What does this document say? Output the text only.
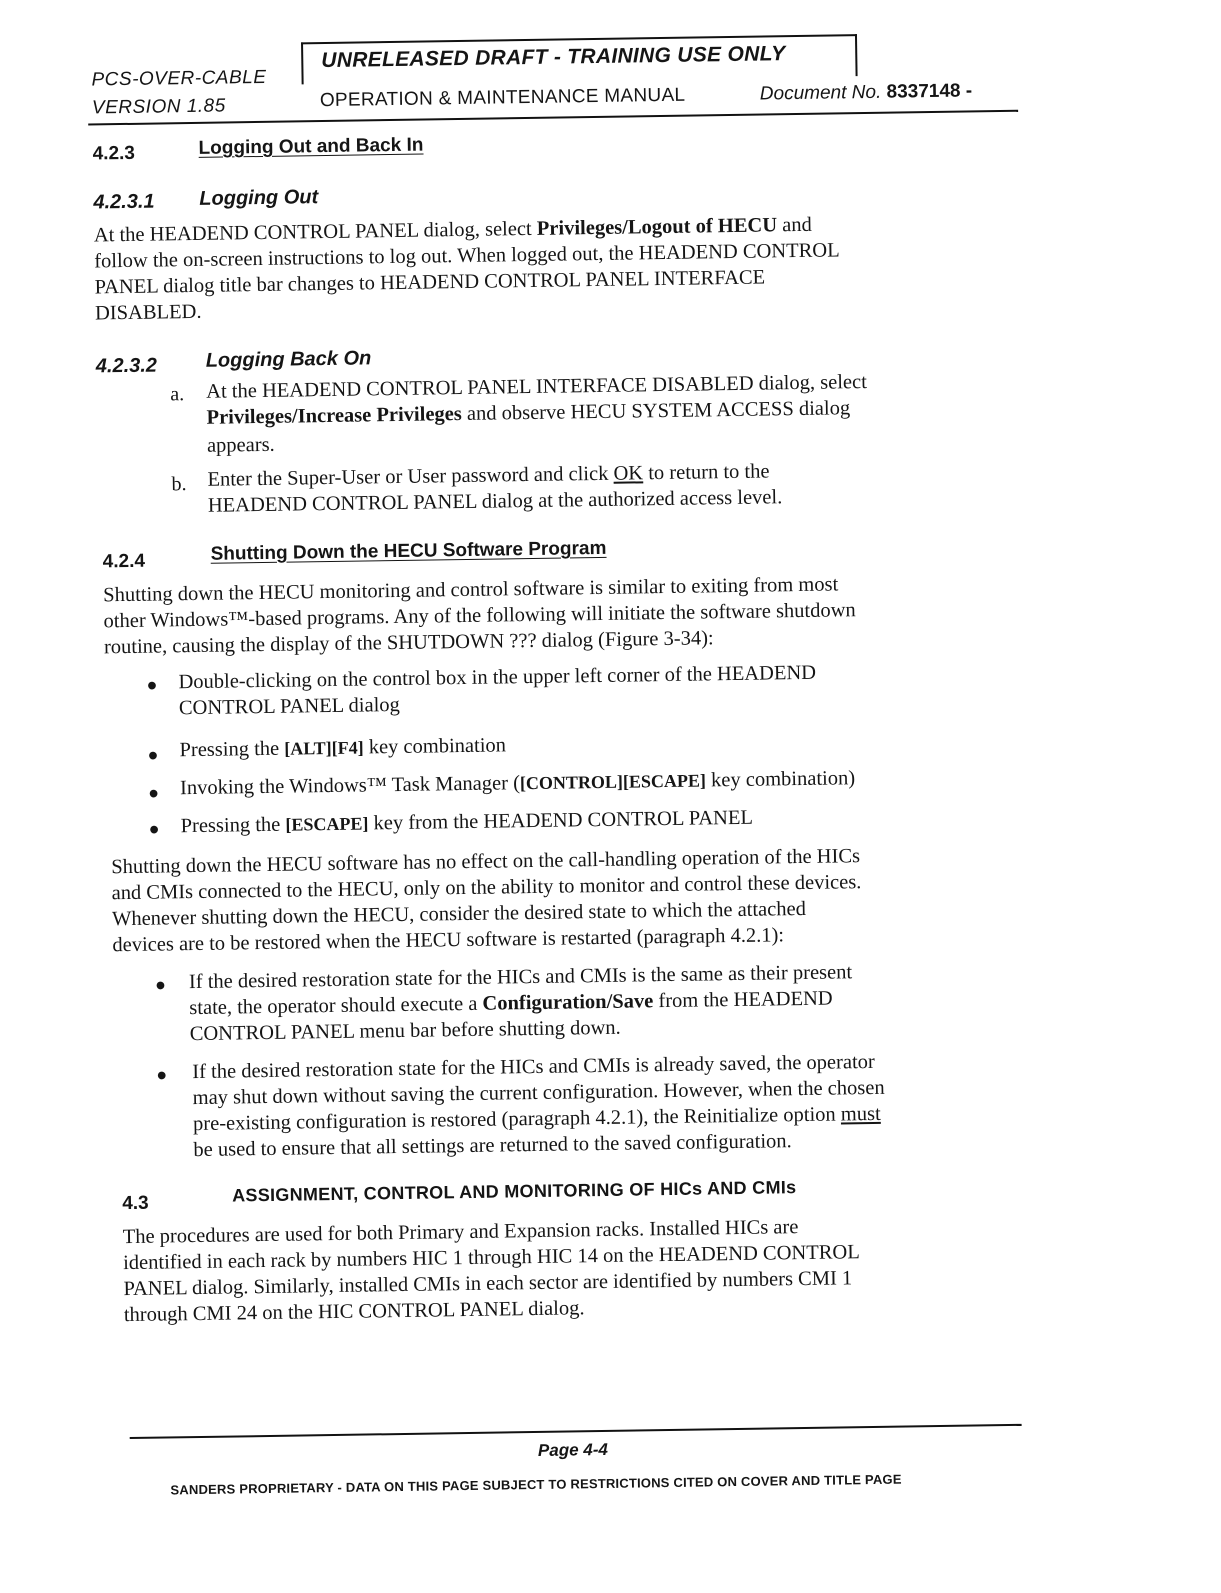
PCS-OVER-CABLE
VERSION 1.85
UNRELEASED DRAFT - TRAINING USE ONLY
OPERATION & MAINTENANCE MANUAL	Document No. 8337148 -
4.2.3	Logging Out and Back In
4.2.3.1 Logging Out
At the HEADEND CONTROL PANEL dialog, select Privileges/Logout of HECU and
follow the on-screen instructions to log out. When logged out, the HEADEND CONTROL
PANEL dialog title bar changes to HEADEND CONTROL PANEL INTERFACE
DISABLED.
4.2.3.2 Logging Back On
a. At the HEADEND CONTROL PANEL INTERFACE DISABLED dialog, select
Privileges/Increase Privileges and observe HECU SYSTEM ACCESS dialog
appears.
b. Enter the Super-User or User password and click OK to return to the
HEADEND CONTROL PANEL dialog at the authorized access level.
4.2.4	Shutting Down the HECU Software Program
Shutting down the HECU monitoring and control software is similar to exiting from most
other Windows™-based programs. Any of the following will initiate the software shutdown
routine, causing the display of the SHUTDOWN ??? dialog (Figure 3-34):
● Double-clicking on the control box in the upper left corner of the HEADEND
CONTROL PANEL dialog
● Pressing the [ALT][F4] key combination
● Invoking the Windows™ Task Manager ([CONTROL][ESCAPE] key combination)
● Pressing the [ESCAPE] key from the HEADEND CONTROL PANEL
Shutting down the HECU software has no effect on the call-handling operation of the HICs
and CMIs connected to the HECU, only on the ability to monitor and control these devices.
Whenever shutting down the HECU, consider the desired state to which the attached
devices are to be restored when the HECU software is restarted (paragraph 4.2.1):
● If the desired restoration state for the HICs and CMIs is the same as their present
state, the operator should execute a Configuration/Save from the HEADEND
CONTROL PANEL menu bar before shutting down.
● If the desired restoration state for the HICs and CMIs is already saved, the operator
may shut down without saving the current configuration. However, when the chosen
pre-existing configuration is restored (paragraph 4.2.1), the Reinitialize option must
be used to ensure that all settings are returned to the saved configuration.
4.3	ASSIGNMENT, CONTROL AND MONITORING OF HICs AND CMIs
The procedures are used for both Primary and Expansion racks. Installed HICs are
identified in each rack by numbers HIC 1 through HIC 14 on the HEADEND CONTROL
PANEL dialog. Similarly, installed CMIs in each sector are identified by numbers CMI 1
through CMI 24 on the HIC CONTROL PANEL dialog.
Page 4-4
SANDERS PROPRIETARY - DATA ON THIS PAGE SUBJECT TO RESTRICTIONS CITED ON COVER AND TITLE PAGE
